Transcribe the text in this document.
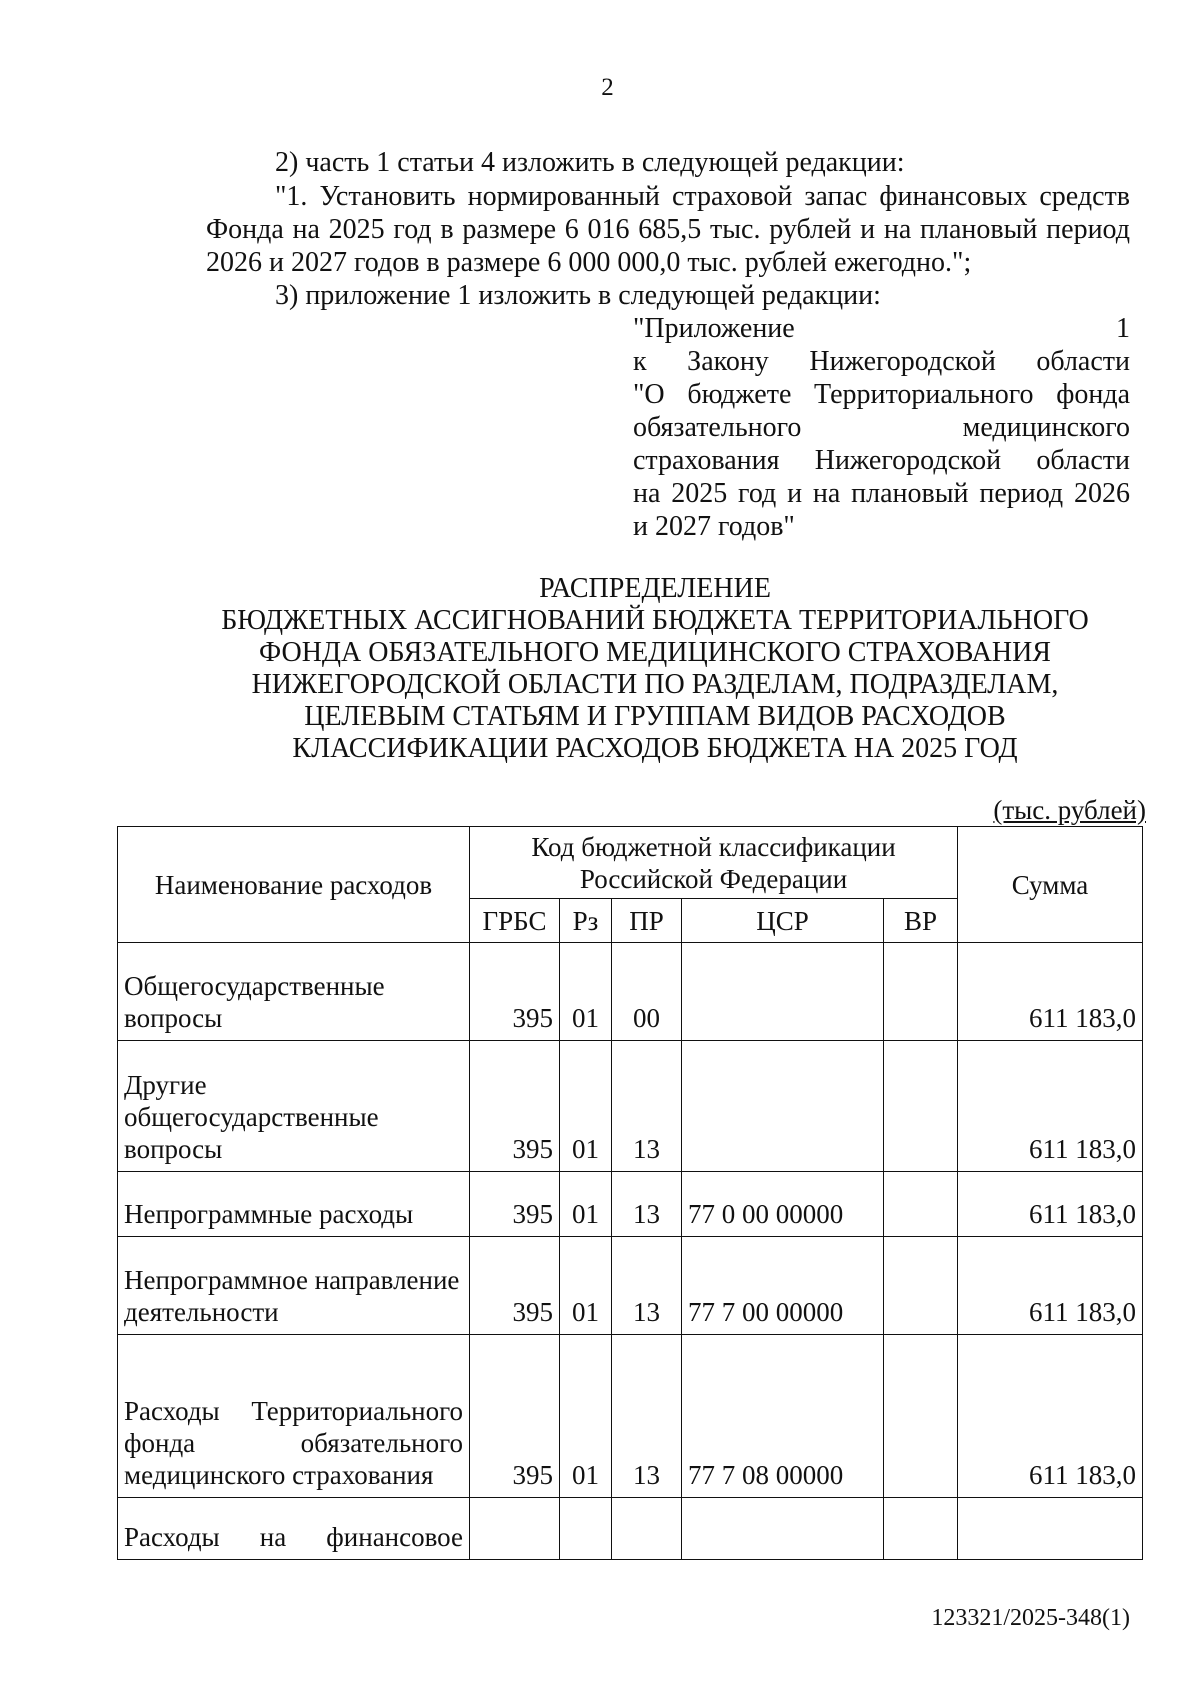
2

2) часть 1 статьи 4 изложить в следующей редакции:

"1. Установить нормированный страховой запас финансовых средств Фонда на 2025 год в размере 6 016 685,5 тыс. рублей и на плановый период 2026 и 2027 годов в размере 6 000 000,0 тыс. рублей ежегодно.";

3) приложение 1 изложить в следующей редакции:

"Приложение 1
к Закону Нижегородской области
"О бюджете Территориального фонда
обязательного медицинского
страхования Нижегородской области
на 2025 год и на плановый период 2026
и 2027 годов"
РАСПРЕДЕЛЕНИЕ
БЮДЖЕТНЫХ АССИГНОВАНИЙ БЮДЖЕТА ТЕРРИТОРИАЛЬНОГО
ФОНДА ОБЯЗАТЕЛЬНОГО МЕДИЦИНСКОГО СТРАХОВАНИЯ
НИЖЕГОРОДСКОЙ ОБЛАСТИ ПО РАЗДЕЛАМ, ПОДРАЗДЕЛАМ,
ЦЕЛЕВЫМ СТАТЬЯМ И ГРУППАМ ВИДОВ РАСХОДОВ
КЛАССИФИКАЦИИ РАСХОДОВ БЮДЖЕТА НА 2025 ГОД
(тыс. рублей)
Наименование расходов	Код бюджетной классификации Российской Федерации					Сумма
	ГРБС	Рз	ПР	ЦСР	ВР	
Общегосударственные вопросы	395	01	00			611 183,0
Другие общегосударственные вопросы	395	01	13			611 183,0
Непрограммные расходы	395	01	13	77 0 00 00000		611 183,0
Непрограммное направление деятельности	395	01	13	77 7 00 00000		611 183,0
Расходы Территориального фонда обязательного медицинского страхования	395	01	13	77 7 08 00000		611 183,0
Расходы на финансовое						
123321/2025-348(1)
